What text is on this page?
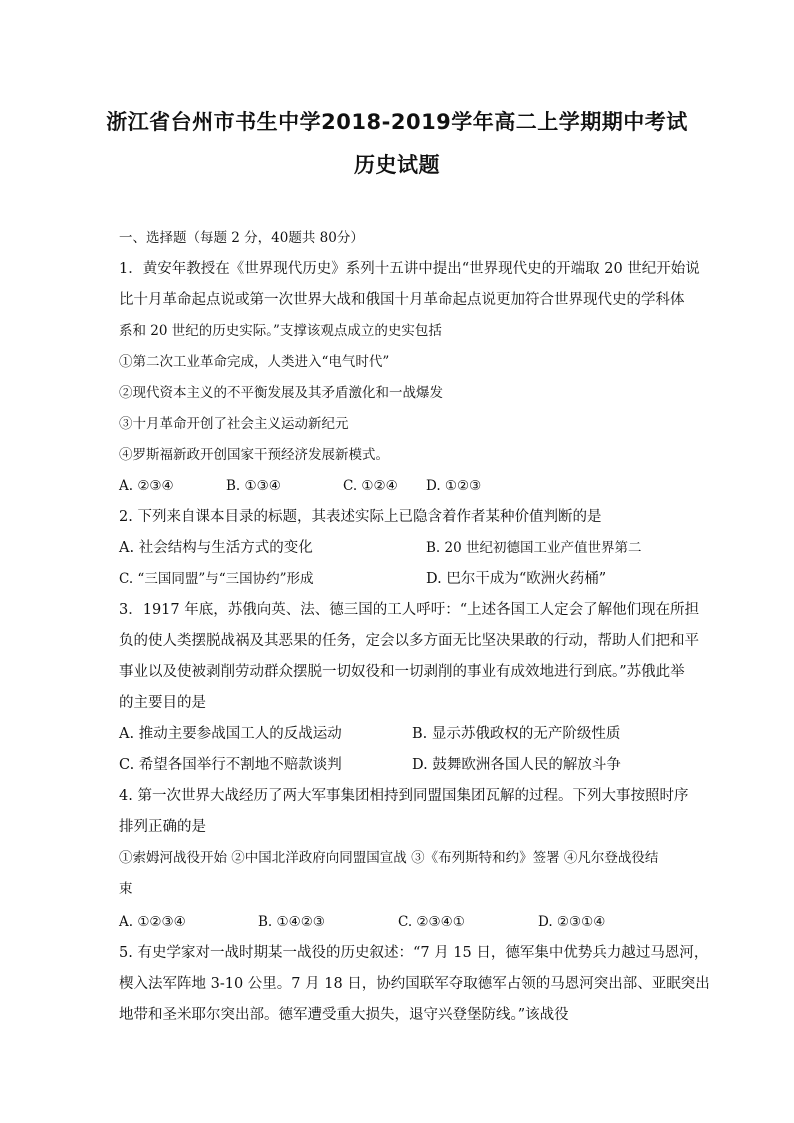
浙江省台州市书生中学2018-2019学年高二上学期期中考试
历史试题
一、选择题（每题 2 分，40题共 80分）
1．黄安年教授在《世界现代历史》系列十五讲中提出“世界现代史的开端取 20 世纪开始说
比十月革命起点说或第一次世界大战和俄国十月革命起点说更加符合世界现代史的学科体
系和 20 世纪的历史实际。”支撑该观点成立的史实包括
①第二次工业革命完成，人类进入“电气时代”
②现代资本主义的不平衡发展及其矛盾激化和一战爆发
③十月革命开创了社会主义运动新纪元
④罗斯福新政开创国家干预经济发展新模式。
A. ②③④	B. ①③④	C. ①②④ D. ①②③
2. 下列来自课本目录的标题，其表述实际上已隐含着作者某种价值判断的是
A. 社会结构与生活方式的变化	B. 20 世纪初德国工业产值世界第二
C. “三国同盟”与“三国协约”形成	D. 巴尔干成为“欧洲火药桶”
3．1917 年底，苏俄向英、法、德三国的工人呼吁：“上述各国工人定会了解他们现在所担
负的使人类摆脱战祸及其恶果的任务，定会以多方面无比坚决果敢的行动，帮助人们把和平
事业以及使被剥削劳动群众摆脱一切奴役和一切剥削的事业有成效地进行到底。”苏俄此举
的主要目的是
A. 推动主要参战国工人的反战运动	B. 显示苏俄政权的无产阶级性质
C. 希望各国举行不割地不赔款谈判	D. 鼓舞欧洲各国人民的解放斗争
4. 第一次世界大战经历了两大军事集团相持到同盟国集团瓦解的过程。下列大事按照时序
排列正确的是
①索姆河战役开始 ②中国北洋政府向同盟国宣战 ③《布列斯特和约》签署 ④凡尔登战役结
束
A. ①②③④	B. ①④②③	C. ②③④①	D. ②③①④
5. 有史学家对一战时期某一战役的历史叙述：“7 月 15 日，德军集中优势兵力越过马恩河，
楔入法军阵地 3-10 公里。7 月 18 日，协约国联军夺取德军占领的马恩河突出部、亚眠突出
地带和圣米耶尔突出部。德军遭受重大损失，退守兴登堡防线。”该战役
